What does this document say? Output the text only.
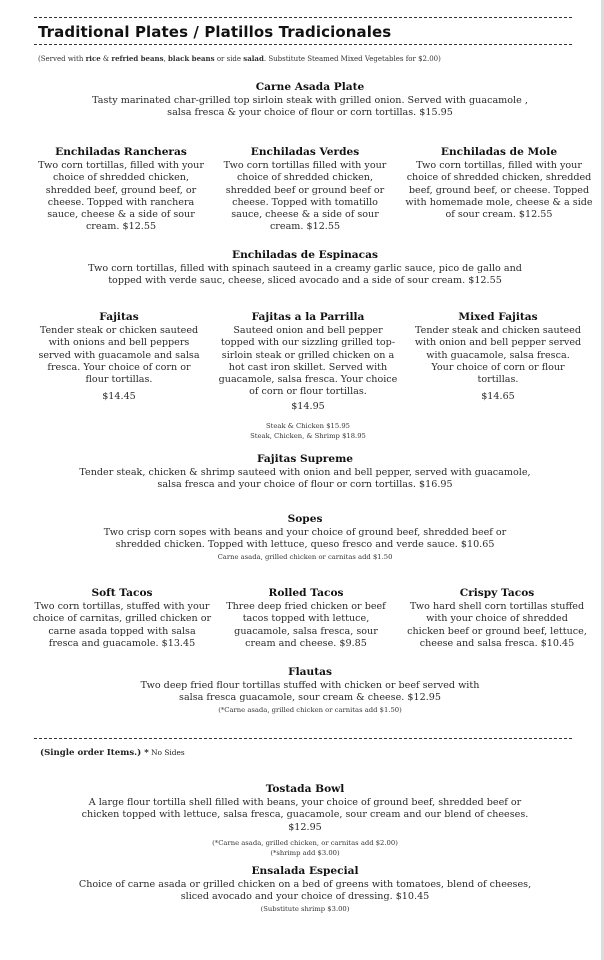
Traditional Plates / Platillos Tradicionales
(Served with rice & refried beans, black beans or side salad. Substitute Steamed Mixed Vegetables for $2.00)
Carne Asada Plate
Tasty marinated char-grilled top sirloin steak with grilled onion. Served with guacamole , salsa fresca & your choice of flour or corn tortillas. $15.95
Enchiladas Rancheras
Two corn tortillas, filled with your choice of shredded chicken, shredded beef, ground beef, or cheese. Topped with ranchera sauce, cheese & a side of sour cream. $12.55
Enchiladas Verdes
Two corn tortillas filled with your choice of shredded chicken, shredded beef or ground beef or cheese. Topped with tomatillo sauce, cheese & a side of sour cream. $12.55
Enchiladas de Mole
Two corn tortillas, filled with your choice of shredded chicken, shredded beef, ground beef, or cheese. Topped with homemade mole, cheese & a side of sour cream. $12.55
Enchiladas de Espinacas
Two corn tortillas, filled with spinach sauteed in a creamy garlic sauce, pico de gallo and topped with verde sauc, cheese, sliced avocado and a side of sour cream. $12.55
Fajitas
Tender steak or chicken sauteed with onions and bell peppers served with guacamole and salsa fresca. Your choice of corn or flour tortillas.
$14.45
Fajitas a la Parrilla
Sauteed onion and bell pepper topped with our sizzling grilled top-sirloin steak or grilled chicken on a hot cast iron skillet. Served with guacamole, salsa fresca. Your choice of corn or flour tortillas.
$14.95
Steak & Chicken $15.95
Steak, Chicken, & Shrimp $18.95
Mixed Fajitas
Tender steak and chicken sauteed with onion and bell pepper served with guacamole, salsa fresca. Your choice of corn or flour tortillas.
$14.65
Fajitas Supreme
Tender steak, chicken & shrimp sauteed with onion and bell pepper, served with guacamole, salsa fresca and your choice of flour or corn tortillas. $16.95
Sopes
Two crisp corn sopes with beans and your choice of ground beef, shredded beef or shredded chicken. Topped with lettuce, queso fresco and verde sauce. $10.65
Carne asada, grilled chicken or carnitas add $1.50
Soft Tacos
Two corn tortillas, stuffed with your choice of carnitas, grilled chicken or carne asada topped with salsa fresca and guacamole. $13.45
Rolled Tacos
Three deep fried chicken or beef tacos topped with lettuce, guacamole, salsa fresca, sour cream and cheese. $9.85
Crispy Tacos
Two hard shell corn tortillas stuffed with your choice of shredded chicken beef or ground beef, lettuce, cheese and salsa fresca. $10.45
Flautas
Two deep fried flour tortillas stuffed with chicken or beef served with salsa fresca guacamole, sour cream & cheese. $12.95
(*Carne asada, grilled chicken or carnitas add $1.50)
(Single order Items.) * No Sides
Tostada Bowl
A large flour tortilla shell filled with beans, your choice of ground beef, shredded beef or chicken topped with lettuce, salsa fresca, guacamole, sour cream and our blend of cheeses. $12.95
(*Carne asada, grilled chicken, or carnitas add $2.00)
(*shrimp add $3.00)
Ensalada Especial
Choice of carne asada or grilled chicken on a bed of greens with tomatoes, blend of cheeses, sliced avocado and your choice of dressing. $10.45
(Substitute shrimp $3.00)
